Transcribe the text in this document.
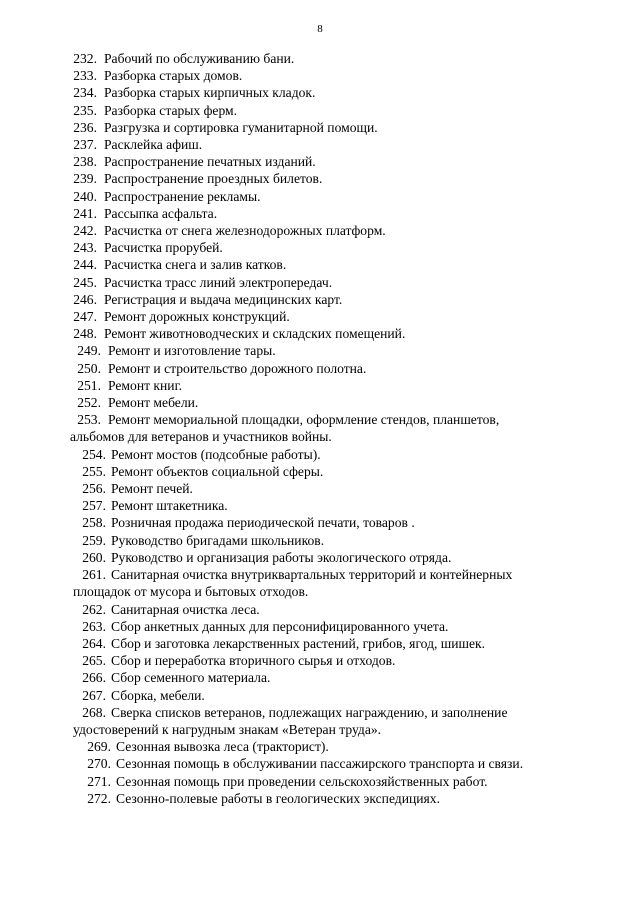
8
232. Рабочий по обслуживанию бани.
233. Разборка старых домов.
234. Разборка старых кирпичных кладок.
235. Разборка старых ферм.
236. Разгрузка и сортировка гуманитарной помощи.
237. Расклейка афиш.
238. Распространение печатных изданий.
239. Распространение проездных билетов.
240. Распространение рекламы.
241. Рассыпка асфальта.
242. Расчистка от снега железнодорожных платформ.
243. Расчистка прорубей.
244. Расчистка снега и залив катков.
245. Расчистка трасс линий электропередач.
246. Регистрация и выдача медицинских карт.
247. Ремонт дорожных конструкций.
248. Ремонт животноводческих и складских помещений.
249. Ремонт и изготовление тары.
250. Ремонт и строительство дорожного полотна.
251. Ремонт книг.
252. Ремонт мебели.
253. Ремонт мемориальной площадки, оформление стендов, планшетов,
альбомов для ветеранов и участников войны.
254. Ремонт мостов (подсобные работы).
255. Ремонт объектов социальной сферы.
256. Ремонт печей.
257. Ремонт штакетника.
258. Розничная продажа периодической печати, товаров .
259. Руководство бригадами школьников.
260. Руководство и организация работы экологического отряда.
261. Санитарная очистка внутриквартальных территорий и контейнерных
площадок от мусора и бытовых отходов.
262. Санитарная очистка леса.
263. Сбор анкетных данных для персонифицированного учета.
264. Сбор и заготовка лекарственных растений, грибов, ягод, шишек.
265. Сбор и переработка вторичного сырья и отходов.
266. Сбор семенного материала.
267. Сборка, мебели.
268. Сверка списков ветеранов, подлежащих награждению, и заполнение
удостоверений к нагрудным знакам «Ветеран труда».
269. Сезонная вывозка леса (тракторист).
270. Сезонная помощь в обслуживании пассажирского транспорта и связи.
271. Сезонная помощь при проведении сельскохозяйственных работ.
272. Сезонно-полевые работы в геологических экспедициях.
